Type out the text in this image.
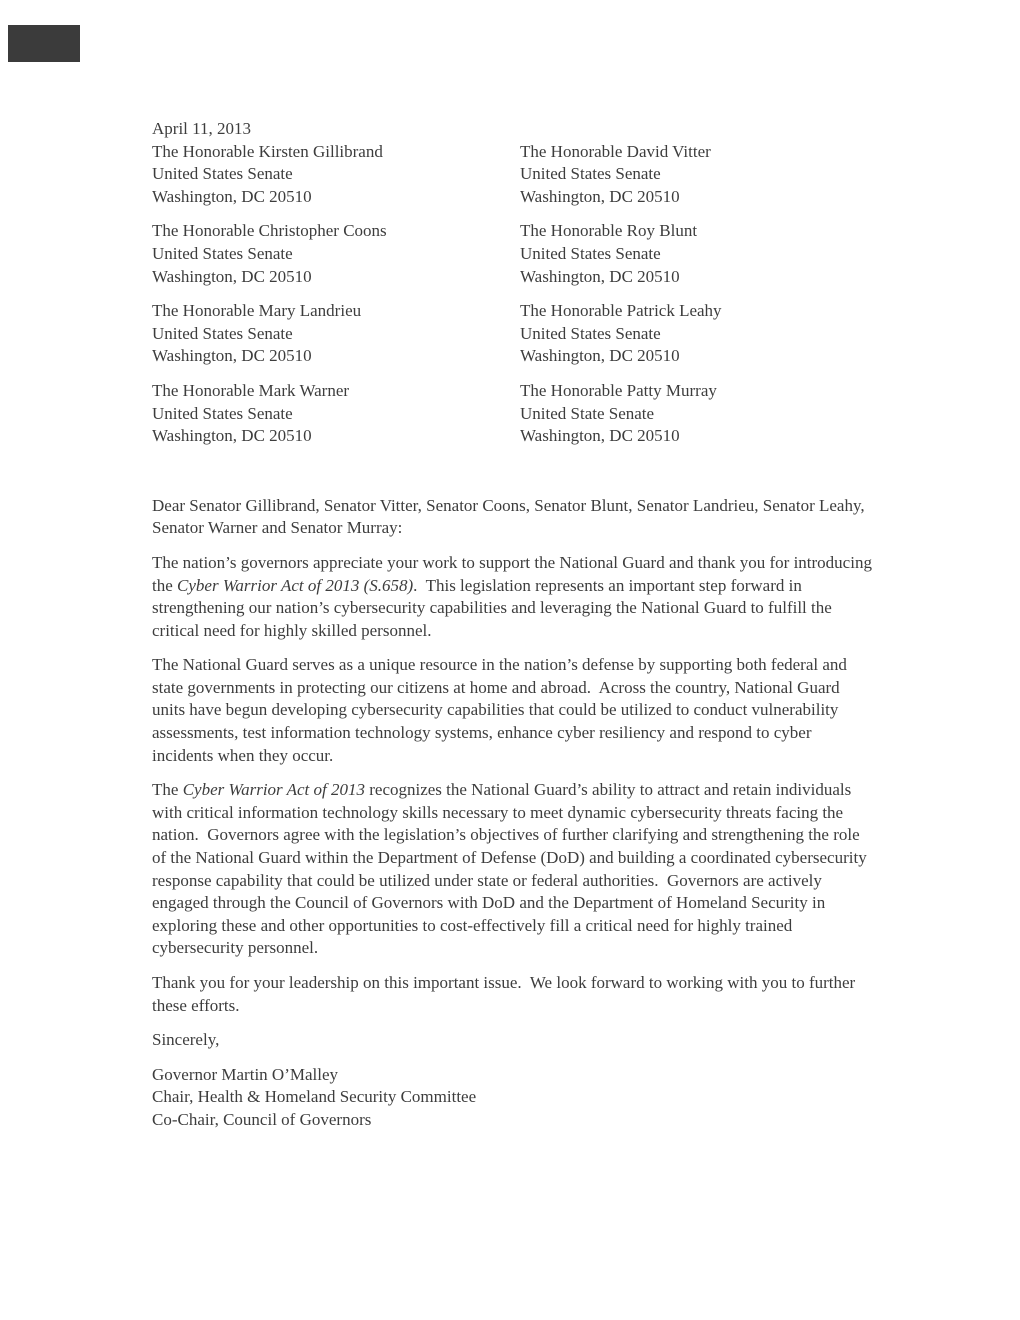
April 11, 2013
The Honorable Kirsten Gillibrand
United States Senate
Washington, DC 20510
The Honorable David Vitter
United States Senate
Washington, DC 20510
The Honorable Christopher Coons
United States Senate
Washington, DC 20510
The Honorable Roy Blunt
United States Senate
Washington, DC 20510
The Honorable Mary Landrieu
United States Senate
Washington, DC 20510
The Honorable Patrick Leahy
United States Senate
Washington, DC 20510
The Honorable Mark Warner
United States Senate
Washington, DC 20510
The Honorable Patty Murray
United State Senate
Washington, DC 20510

Dear Senator Gillibrand, Senator Vitter, Senator Coons, Senator Blunt, Senator Landrieu, Senator Leahy, Senator Warner and Senator Murray:

The nation’s governors appreciate your work to support the National Guard and thank you for introducing the Cyber Warrior Act of 2013 (S.658).  This legislation represents an important step forward in strengthening our nation’s cybersecurity capabilities and leveraging the National Guard to fulfill the critical need for highly skilled personnel.

The National Guard serves as a unique resource in the nation’s defense by supporting both federal and state governments in protecting our citizens at home and abroad.  Across the country, National Guard units have begun developing cybersecurity capabilities that could be utilized to conduct vulnerability assessments, test information technology systems, enhance cyber resiliency and respond to cyber incidents when they occur.

The Cyber Warrior Act of 2013 recognizes the National Guard’s ability to attract and retain individuals with critical information technology skills necessary to meet dynamic cybersecurity threats facing the nation.  Governors agree with the legislation’s objectives of further clarifying and strengthening the role of the National Guard within the Department of Defense (DoD) and building a coordinated cybersecurity response capability that could be utilized under state or federal authorities.  Governors are actively engaged through the Council of Governors with DoD and the Department of Homeland Security in exploring these and other opportunities to cost-effectively fill a critical need for highly trained cybersecurity personnel.

Thank you for your leadership on this important issue.  We look forward to working with you to further these efforts.

Sincerely,

Governor Martin O’Malley
Chair, Health & Homeland Security Committee
Co-Chair, Council of Governors
